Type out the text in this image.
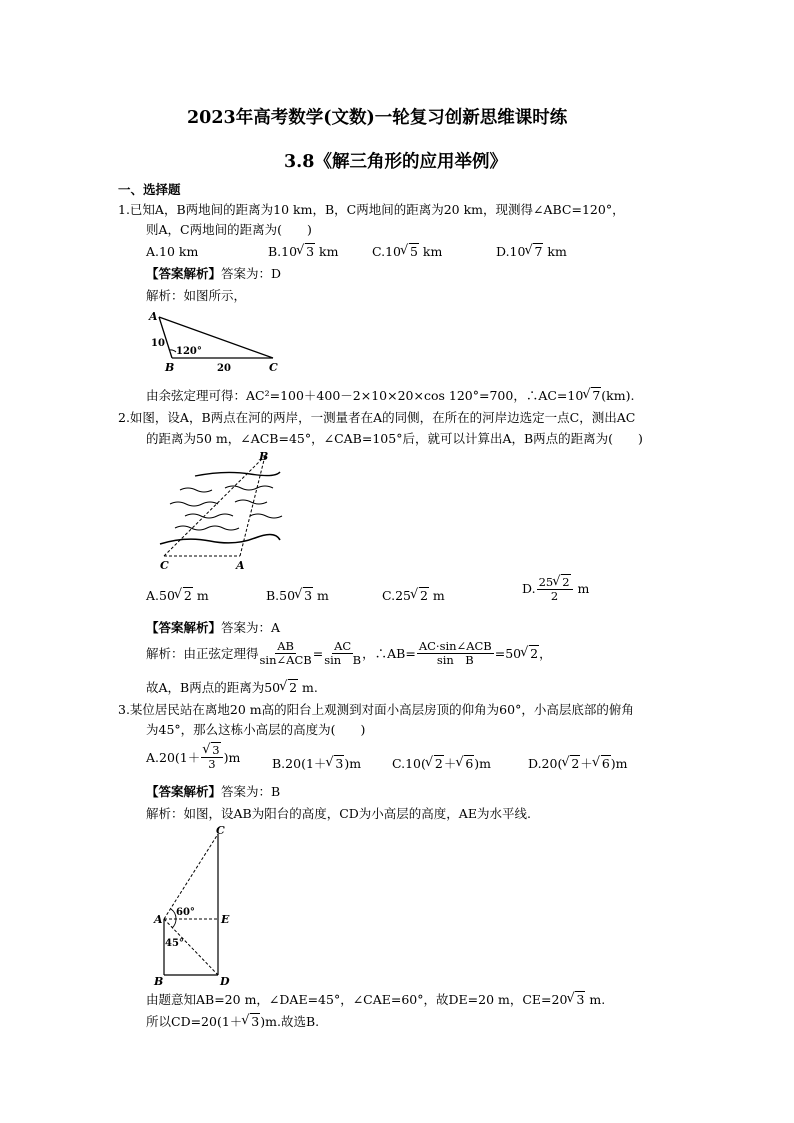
2023年高考数学(文数)一轮复习创新思维课时练
3.8《解三角形的应用举例》
一、选择题
1.已知A，B两地间的距离为10 km，B，C两地间的距离为20 km，现测得∠ABC=120°，
则A，C两地间的距离为(　　)
A.10 km	B.10 √ 3 km	C.10 √ 5 km	D.10 √ 7 km
【答案解析】答案为：D
解析：如图所示，
A
B	C
10
20
120°
由余弦定理可得：AC²=100＋400－2×10×20×cos 120°=700，∴AC=10 √ 7(km).
2.如图，设A，B两点在河的两岸，一测量者在A的同侧，在所在的河岸边选定一点C，测出AC
的距离为50 m，∠ACB=45°，∠CAB=105°后，就可以计算出A，B两点的距离为(　　)
B
C	A
A.50 √ 2 m	B.50 √ 3 m	C.25 √ 2 m	D. $\frac{25 √ 2}{2}$ m
【答案解析】答案为：A
解析：由正弦定理得 $\frac{AB}{\text{sin∠ACB}} = \frac{AC}{\text{sin　B}}$ ，∴AB= $\frac{\text{AC·sin∠ACB}}{\text{sin　B}} =50$ √ 2 ，
故A，B两点的距离为50 √ 2 m.
3.某位居民站在离地20 m高的阳台上观测到对面小高层房顶的仰角为60°，小高层底部的俯角
为45°，那么这栋小高层的高度为(　　)
A.20(1＋ √ $\frac{3}{3} )m$	B.20(1＋ √ 3)m C.10( √ 2＋ √ 6)m	D.20( √ 2＋ √ 6)m
【答案解析】答案为：B
解析：如图，设AB为阳台的高度，CD为小高层的高度，AE为水平线.
C
A	E
B	D
60°
45°
由题意知AB=20 m，∠DAE=45°，∠CAE=60°，故DE=20 m，CE=20 √ 3 m.
所以CD=20(1＋ √ 3)m.故选B.
